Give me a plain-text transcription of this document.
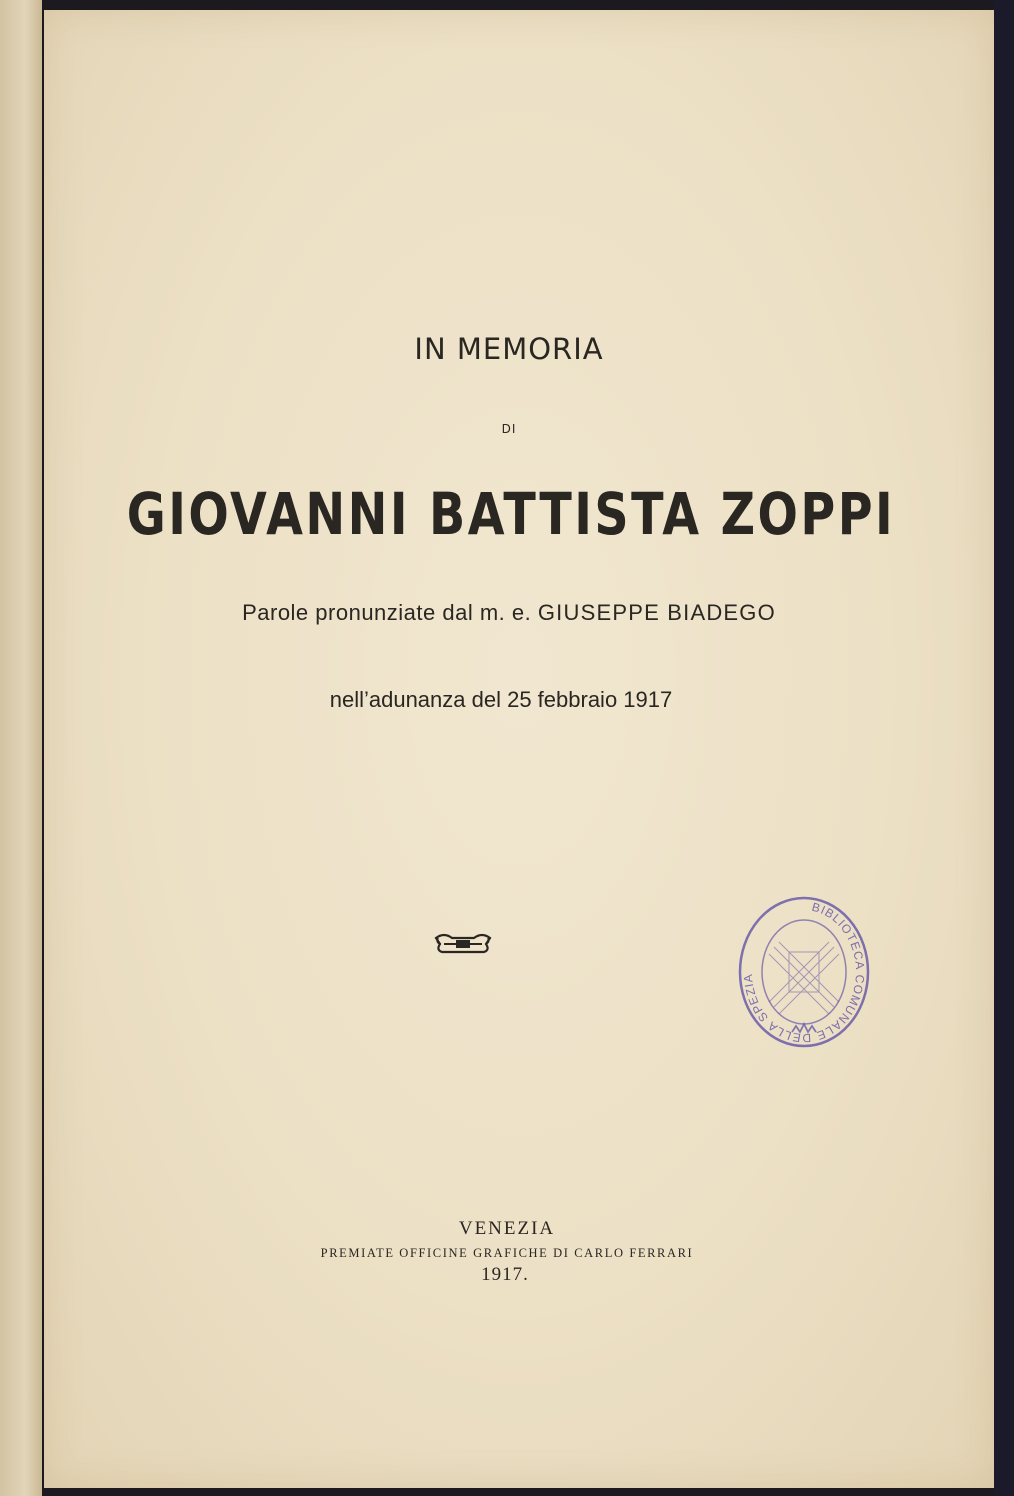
IN MEMORIA
DI
GIOVANNI BATTISTA ZOPPI
Parole pronunziate dal m. e. GIUSEPPE BIADEGO
nell’adunanza del 25 febbraio 1917
BIBLIOTECA COMUNALE DELLA SPEZIA
VENEZIA
PREMIATE OFFICINE GRAFICHE DI CARLO FERRARI
1917.
